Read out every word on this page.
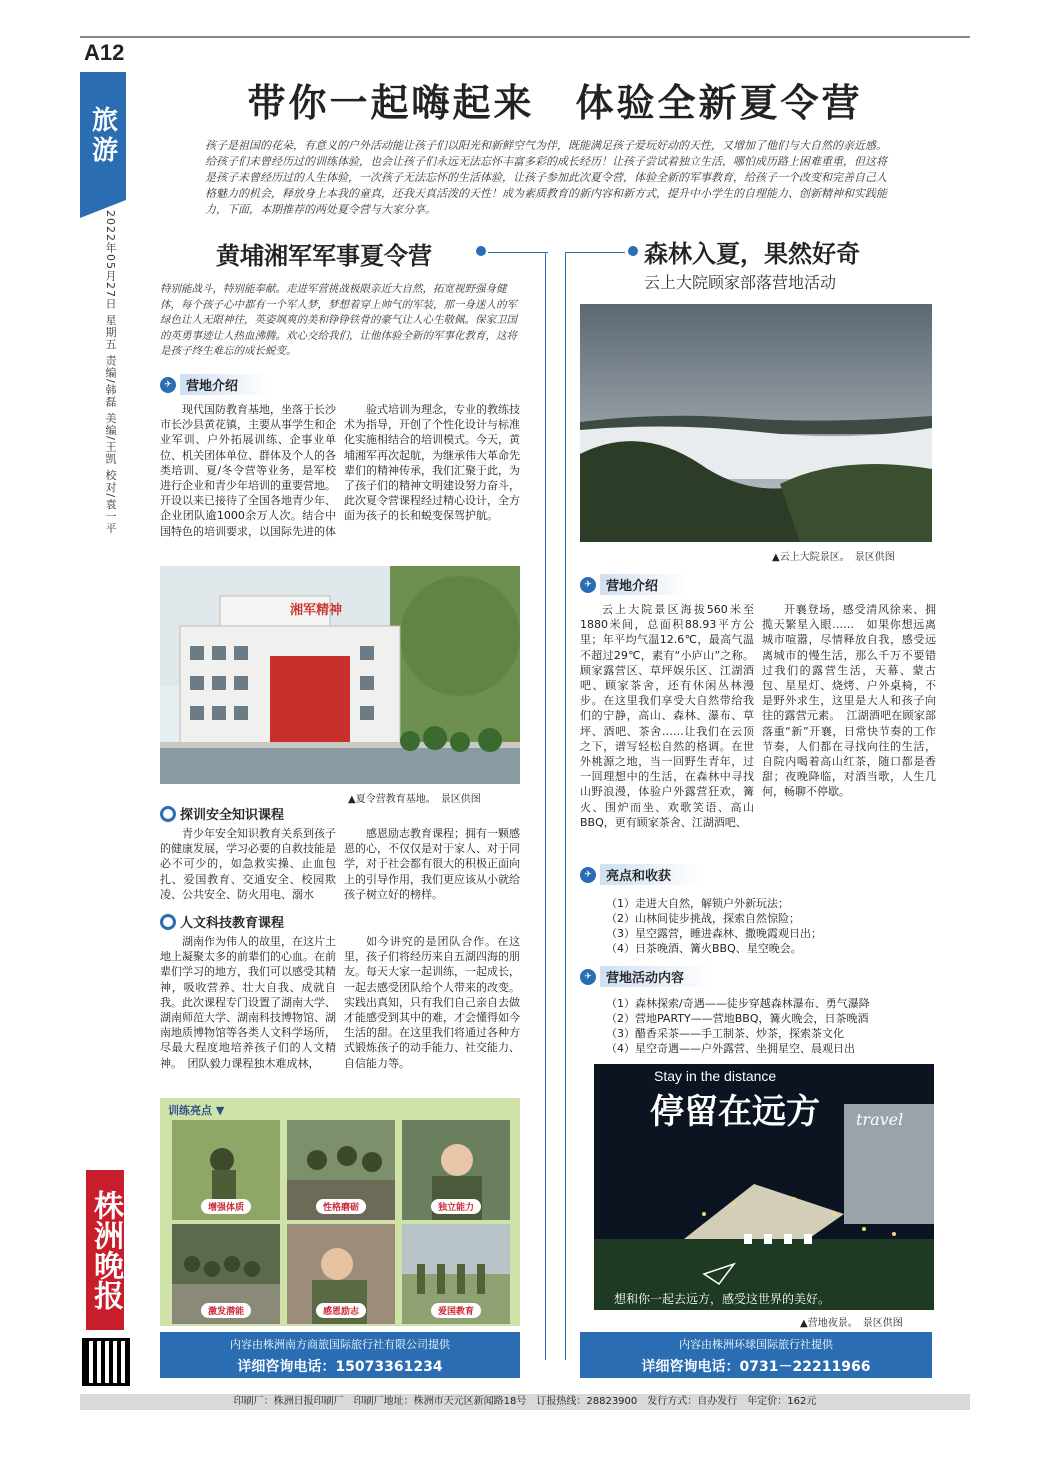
A12
旅游
2022年05月27日 星期五 责编/韩磊 美编/王凯 校对/袁一平
株洲晚报
带你一起嗨起来　体验全新夏令营
孩子是祖国的花朵，有意义的户外活动能让孩子们以阳光和新鲜空气为伴，既能满足孩子爱玩好动的天性，又增加了他们与大自然的亲近感。给孩子们未曾经历过的训练体验，也会让孩子们永远无法忘怀丰富多彩的成长经历！让孩子尝试着独立生活，哪怕成历路上困难重重，但这将是孩子未曾经历过的人生体验，一次孩子无法忘怀的生活体验，让孩子参加此次夏令营，体验全新的军事教育，给孩子一个改变和完善自己人格魅力的机会，释放身上本我的童真，还我天真活泼的天性！成为素质教育的新内容和新方式，提升中小学生的自理能力、创新精神和实践能力，下面，本期推荐的两处夏令营与大家分享。
黄埔湘军军事夏令营
特别能战斗，特别能奉献。走进军营挑战极限亲近大自然，拓宽视野强身健体，每个孩子心中都有一个军人梦，梦想着穿上帅气的军装，那一身迷人的军绿色让人无限神往，英姿飒爽的美和铮铮铁骨的豪气让人心生敬佩。保家卫国的英勇事迹让人热血沸腾。欢心交给我们，让他体验全新的军事化教育，这将是孩子终生难忘的成长蜕变。
✈	营地介绍
现代国防教育基地，坐落于长沙市长沙县黄花镇，主要从事学生和企业军训、户外拓展训练、企事业单位、机关团体单位、群体及个人的各类培训、夏/冬令营等业务，是军校进行企业和青少年培训的重要营地。开设以来已接待了全国各地青少年、企业团队逾1000余万人次。结合中国特色的培训要求，以国际先进的体
验式培训为理念，专业的教练技术为指导，开创了个性化设计与标准化实施相结合的培训模式。今天，黄埔湘军再次起航，为继承伟大革命先辈们的精神传承，我们汇聚于此，为了孩子们的精神文明建设努力奋斗，此次夏令营课程经过精心设计，全方面为孩子的长和蜕变保驾护航。
湘军精神
▲夏令营教育基地。　景区供图
探训安全知识课程
青少年安全知识教育关系到孩子的健康发展，学习必要的自救技能是必不可少的，如急救实操、止血包扎、爱国教育、交通安全、校园欺凌、公共安全、防火用电、溺水
感恩励志教育课程；拥有一颗感恩的心，不仅仅是对于家人、对于同学，对于社会都有很大的积极正面向上的引导作用，我们更应该从小就给孩子树立好的榜样。
人文科技教育课程
湖南作为伟人的故里，在这片土地上凝聚太多的前辈们的心血。在前辈们学习的地方，我们可以感受其精神，吸收营养、壮大自我、成就自我。此次课程专门设置了湖南大学、湖南师范大学、湖南科技博物馆、湖南地质博物馆等各类人文科学场所，尽最大程度地培养孩子们的人文精神。　团队毅力课程独木难成林，
如今讲究的是团队合作。在这里，孩子们将经历来自五湖四海的朋友。每天大家一起训练，一起成长，一起去感受团队给个人带来的改变。实践出真知，只有我们自己亲自去做才能感受到其中的难，才会懂得如今生活的甜。在这里我们将通过各种方式锻炼孩子的动手能力、社交能力、自信能力等。
训练亮点 ▼
增强体质	性格磨砺	独立能力
激发潜能	感恩励志	爱国教育
内容由株洲南方商旅国际旅行社有限公司提供
详细咨询电话：15073361234
森林入夏，果然好奇
云上大院顾家部落营地活动
▲云上大院景区。　景区供图
✈	营地介绍
云上大院景区海拔560米至1880米间，总面积88.93平方公里；年平均气温12.6℃，最高气温不超过29℃，素有“小庐山”之称。顾家露营区、草坪娱乐区、江湖酒吧、顾家茶舍，还有休闲丛林漫步。在这里我们享受大自然带给我们的宁静，高山、森林、瀑布、草坪、酒吧、茶舍……让我们在云顶之下，谱写轻松自然的格调。在世外桃源之地，当一回野生青年，过一回理想中的生活，在森林中寻找山野浪漫，体验户外露营狂欢，篝火、围炉而坐、欢歌笑语、高山BBQ，更有顾家茶舍、江湖酒吧、
开襄登场，感受清风徐来、拥揽天繁星入眼……　如果你想远离城市喧嚣，尽情释放自我，感受远离城市的慢生活，那么千万不要错过我们的露营生活，天幕、蒙古包、星星灯、烧烤、户外桌椅，不是野外求生，这里是大人和孩子向往的露营元素。　江湖酒吧在顾家部落重“新”开襄，日常快节奏的工作节奏，人们都在寻找向往的生活，自院内喝着高山红茶，随口都是香甜；夜晚降临，对酒当歌，人生几何，畅聊不停歇。
✈	亮点和收获
（1）走进大自然，解锁户外新玩法；
（2）山林间徒步挑战，探索自然惊险；
（3）星空露营，睡进森林、撒晚霞观日出；
（4）日茶晚酒、篝火BBQ、星空晚会。
✈	营地活动内容
（1）森林探索/奇遇——徒步穿越森林瀑布、勇气瀑降
（2）营地PARTY——营地BBQ，篝火晚会，日茶晚酒
（3）醋香采茶——手工制茶、炒茶，探索茶文化
（4）星空奇遇——户外露营、坐拥星空、晨观日出
Stay in the distance
停留在远方 travel
想和你一起去远方，感受这世界的美好。
▲营地夜景。　景区供图
内容由株洲环球国际旅行社提供
详细咨询电话：0731－22211966
印刷厂：株洲日报印刷厂　印刷厂地址：株洲市天元区新闻路18号　订报热线：28823900　发行方式：自办发行　年定价：162元
